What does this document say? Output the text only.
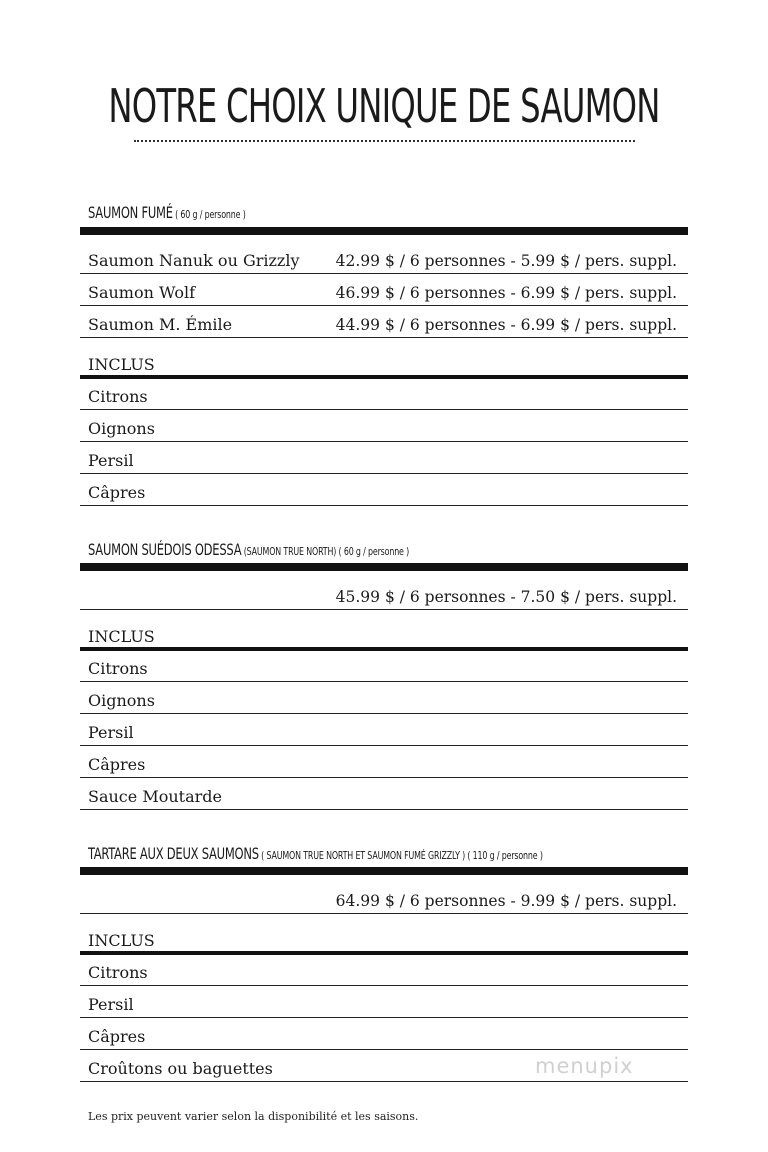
NOTRE CHOIX UNIQUE DE SAUMON
SAUMON FUMÉ ( 60 g / personne )
Saumon Nanuk ou Grizzly 42.99 $ / 6 personnes - 5.99 $ / pers. suppl.
Saumon Wolf	46.99 $ / 6 personnes - 6.99 $ / pers. suppl.
Saumon M. Émile	44.99 $ / 6 personnes - 6.99 $ / pers. suppl.
INCLUS
Citrons
Oignons
Persil
Câpres
SAUMON SUÉDOIS ODESSA (SAUMON TRUE NORTH) ( 60 g / personne )
45.99 $ / 6 personnes - 7.50 $ / pers. suppl.
INCLUS
Citrons
Oignons
Persil
Câpres
Sauce Moutarde
TARTARE AUX DEUX SAUMONS ( SAUMON TRUE NORTH ET SAUMON FUMÉ GRIZZLY ) ( 110 g / personne )
64.99 $ / 6 personnes - 9.99 $ / pers. suppl.
INCLUS
Citrons
Persil
Câpres
Croûtons ou baguettes	menupix
Les prix peuvent varier selon la disponibilité et les saisons.
